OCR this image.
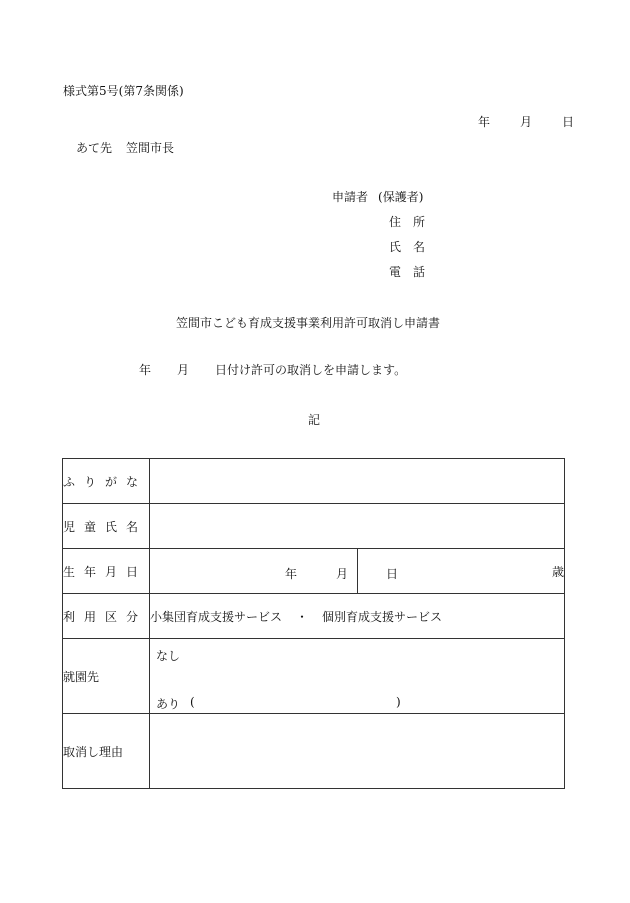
様式第5号(第7条関係)
年	月	日
あて先 笠間市長
申請者 (保護者)
住所
氏名
電話
笠間市こども育成支援事業利用許可取消し申請書
年 月 日付け許可の取消しを申請します。
記
ふりがな		
児童氏名		
生年月日	年 月 日	歳
利用区分	小集団育成支援サービス ・ 個別育成支援サービス	
就園先	なし
あり ( )	

取消し理由		
